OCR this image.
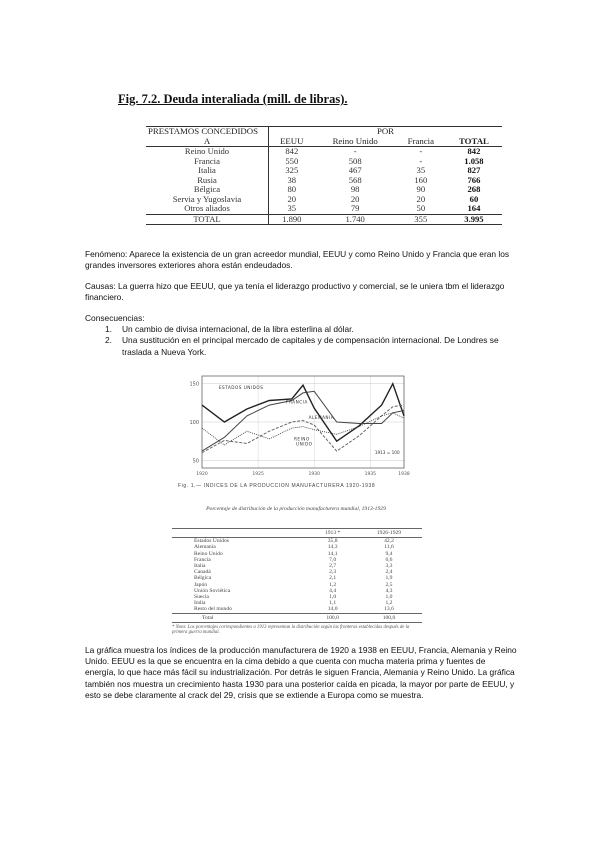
Fig. 7.2. Deuda interaliada (mill. de libras).
PRESTAMOS CONCEDIDOS	POR			
A	EEUU	Reino Unido	Francia	TOTAL
Reino Unido	842	-	-	842
Francia	550	508	-	1.058
Italia	325	467	35	827
Rusia	38	568	160	766
Bélgica	80	98	90	268
Servia y Yugoslavia	20	20	20	60
Otros aliados	35	79	50	164
TOTAL	1.890	1.740	355	3.995
Fenómeno: Aparece la existencia de un gran acreedor mundial, EEUU y como Reino Unido y Francia que eran los grandes inversores exteriores ahora están endeudados.
Causas: La guerra hizo que EEUU, que ya tenía el liderazgo productivo y comercial, se le uniera tbm el liderazgo financiero.
Consecuencias:
1. Un cambio de divisa internacional, de la libra esterlina al dólar.
2. Una sustitución en el principal mercado de capitales y de compensación internacional. De Londres se traslada a Nueva York.
150
100
50
1920	1925	1930	1935	1938
ESTADOS UNIDOS
FRANCIA
ALEMANIA
REINO UNIDO
1913 = 100
Fig. 1.— INDICES DE LA PRODUCCION MANUFACTURERA 1920-1938
Porcentaje de distribución de la producción manufacturera mundial, 1913-1929
	1913 *	1926-1929
Estados Unidos	35,8	42,2
Alemania	14,3	11,6
Reino Unido	14,1	9,4
Francia	7,0	6,6
Italia	2,7	3,3
Canadá	2,3	2,4
Bélgica	2,1	1,9
Japón	1,2	2,5
Unión Soviética	4,4	4,3
Suecia	1,0	1,0
India	1,1	1,2
Resto del mundo	14,0	13,6
Total	100,0	100,0
* Nota: Los porcentajes correspondientes a 1913 representan la distribución según las fronteras establecidas después de la primera guerra mundial.
La gráfica muestra los índices de la producción manufacturera de 1920 a 1938 en EEUU, Francia, Alemania y Reino Unido. EEUU es la que se encuentra en la cima debido a que cuenta con mucha materia prima y fuentes de energía, lo que hace más fácil su industrialización. Por detrás le siguen Francia, Alemania y Reino Unido. La gráfica también nos muestra un crecimiento hasta 1930 para una posterior caída en picada, la mayor por parte de EEUU, y esto se debe claramente al crack del 29, crisis que se extiende a Europa como se muestra.
